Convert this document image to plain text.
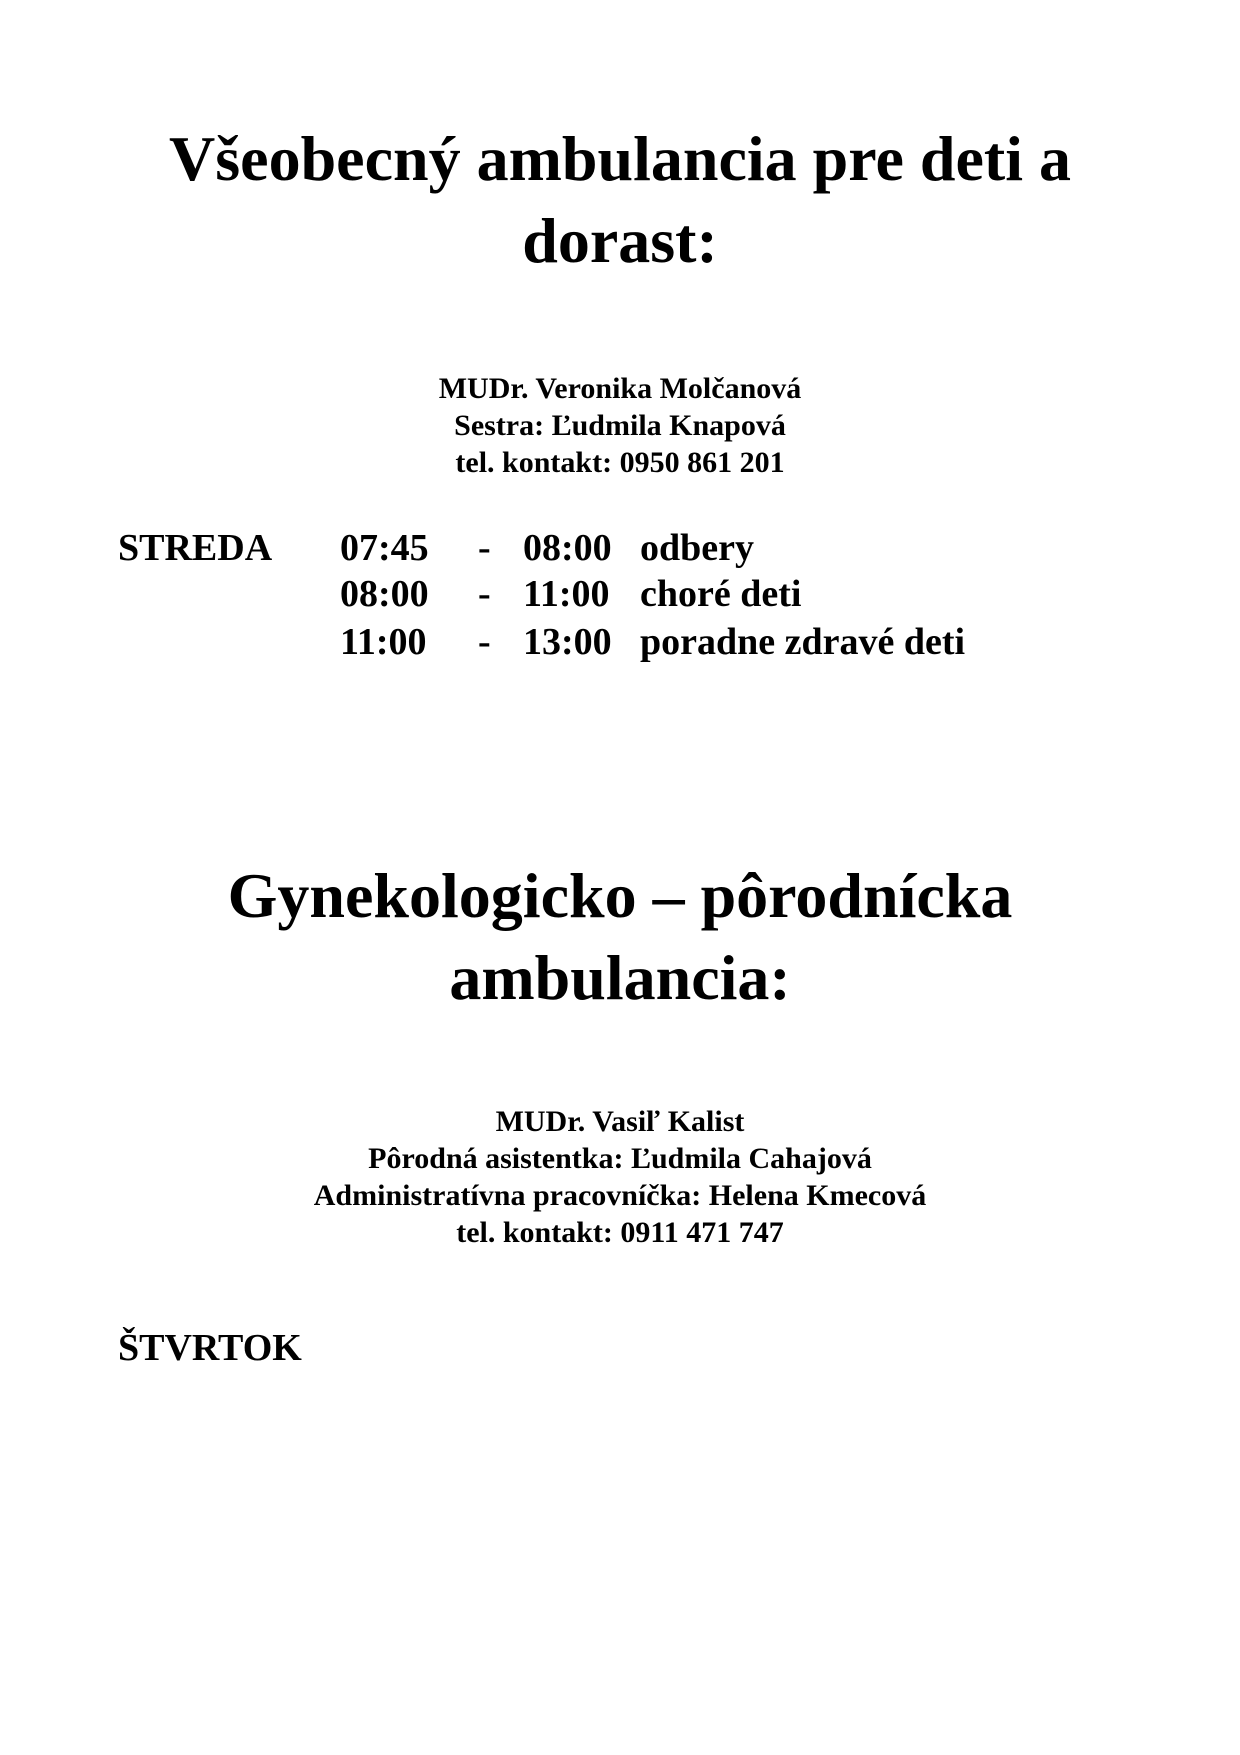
Všeobecný ambulancia pre deti a
dorast:
MUDr. Veronika Molčanová
Sestra: Ľudmila Knapová
tel. kontakt: 0950 861 201
STREDA 07:45 - 08:00 odbery
08:00 - 11:00 choré deti
11:00 - 13:00 poradne zdravé deti
Gynekologicko – pôrodnícka
ambulancia:
MUDr. Vasiľ Kalist
Pôrodná asistentka: Ľudmila Cahajová
Administratívna pracovníčka: Helena Kmecová
tel. kontakt: 0911 471 747
ŠTVRTOK
